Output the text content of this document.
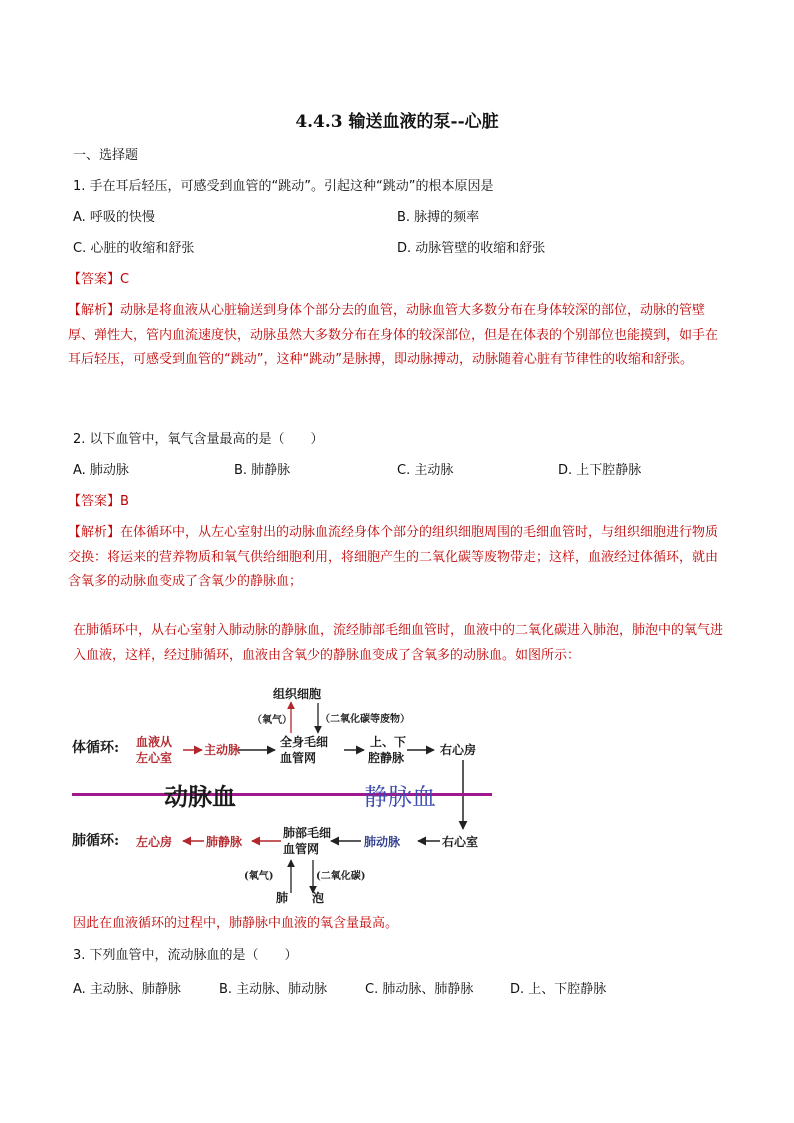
4.4.3 输送血液的泵--心脏
一、选择题
1. 手在耳后轻压，可感受到血管的“跳动”。引起这种“跳动”的根本原因是
A. 呼吸的快慢	B. 脉搏的频率
C. 心脏的收缩和舒张	D. 动脉管壁的收缩和舒张
【答案】C
【解析】动脉是将血液从心脏输送到身体个部分去的血管，动脉血管大多数分布在身体较深的部位，动脉的管壁厚、弹性大，管内血流速度快，动脉虽然大多数分布在身体的较深部位，但是在体表的个别部位也能摸到，如手在耳后轻压，可感受到血管的“跳动”，这种“跳动”是脉搏，即动脉搏动，动脉随着心脏有节律性的收缩和舒张。
2. 以下血管中，氧气含量最高的是（　　）
A. 肺动脉	B. 肺静脉	C. 主动脉	D. 上下腔静脉
【答案】B
【解析】在体循环中，从左心室射出的动脉血流经身体个部分的组织细胞周围的毛细血管时，与组织细胞进行物质交换：将运来的营养物质和氧气供给细胞利用，将细胞产生的二氧化碳等废物带走；这样，血液经过体循环，就由含氧多的动脉血变成了含氧少的静脉血；
在肺循环中，从右心室射入肺动脉的静脉血，流经肺部毛细血管时，血液中的二氧化碳进入肺泡，肺泡中的氧气进入血液，这样，经过肺循环，血液由含氧少的静脉血变成了含氧多的动脉血。如图所示：
组织细胞
（氧气）	（二氧化碳等废物）
体循环: 血液从
左心室
主动脉
全身毛细
血管网
上、下
腔静脉
右心房
动脉血	静脉血
肺循环: 左心房	肺静脉
肺部毛细
血管网	肺动脉	右心室
(氧气)	(二氧化碳)
肺　　泡
因此在血液循环的过程中，肺静脉中血液的氧含量最高。
3. 下列血管中，流动脉血的是（　　）
A. 主动脉、肺静脉	B. 主动脉、肺动脉	C. 肺动脉、肺静脉	D. 上、下腔静脉
